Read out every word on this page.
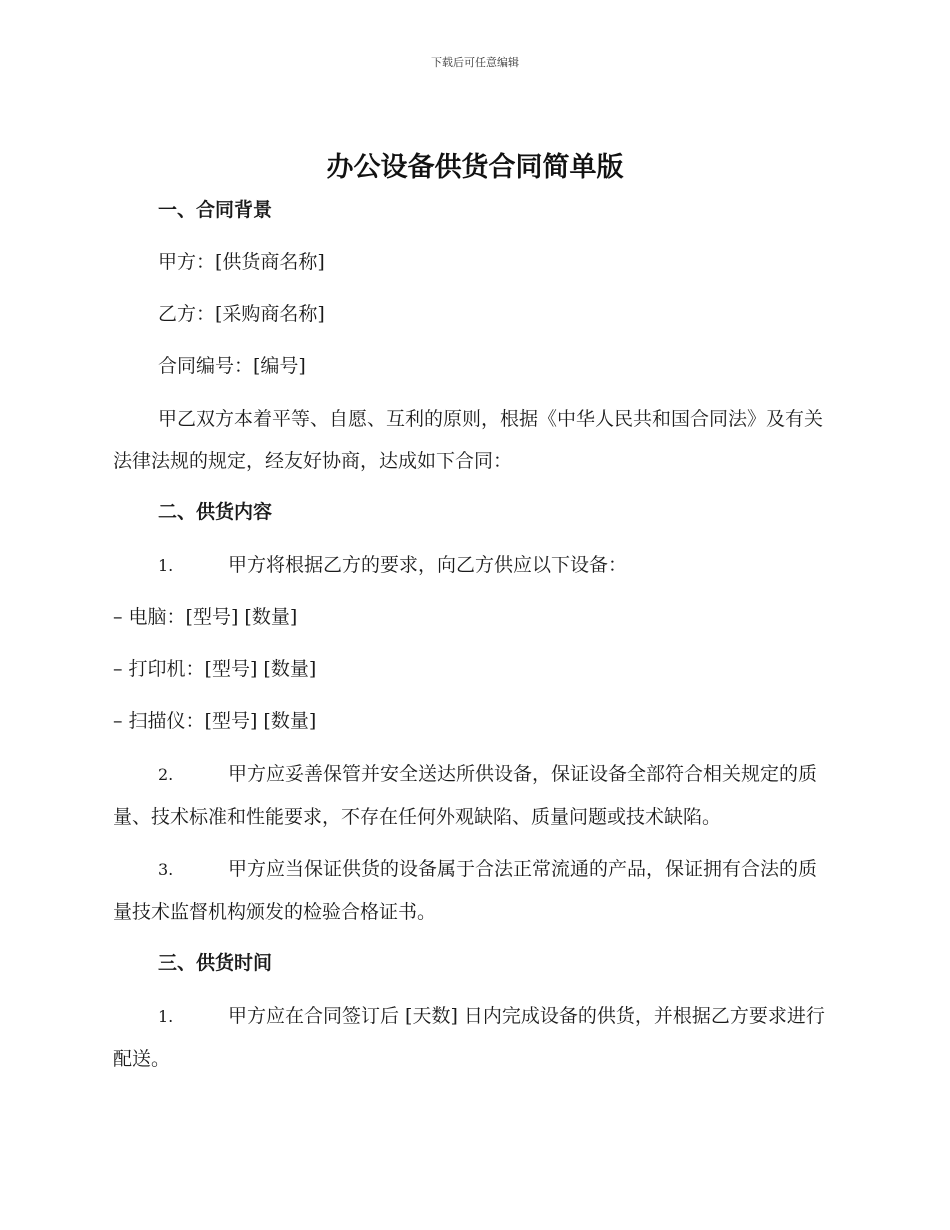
下载后可任意编辑
办公设备供货合同简单版
一、合同背景
甲方：[供货商名称]
乙方：[采购商名称]
合同编号：[编号]

甲乙双方本着平等、自愿、互利的原则，根据《中华人民共和国合同法》及有关法律法规的规定，经友好协商，达成如下合同：

二、供货内容
1.	甲方将根据乙方的要求，向乙方供应以下设备：
– 电脑：[型号] [数量]
– 打印机：[型号] [数量]
– 扫描仪：[型号] [数量]
2.	甲方应妥善保管并安全送达所供设备，保证设备全部符合相关规定的质量、技术标准和性能要求，不存在任何外观缺陷、质量问题或技术缺陷。
3.	甲方应当保证供货的设备属于合法正常流通的产品，保证拥有合法的质量技术监督机构颁发的检验合格证书。
三、供货时间
1.	甲方应在合同签订后 [天数] 日内完成设备的供货，并根据乙方要求进行配送。
